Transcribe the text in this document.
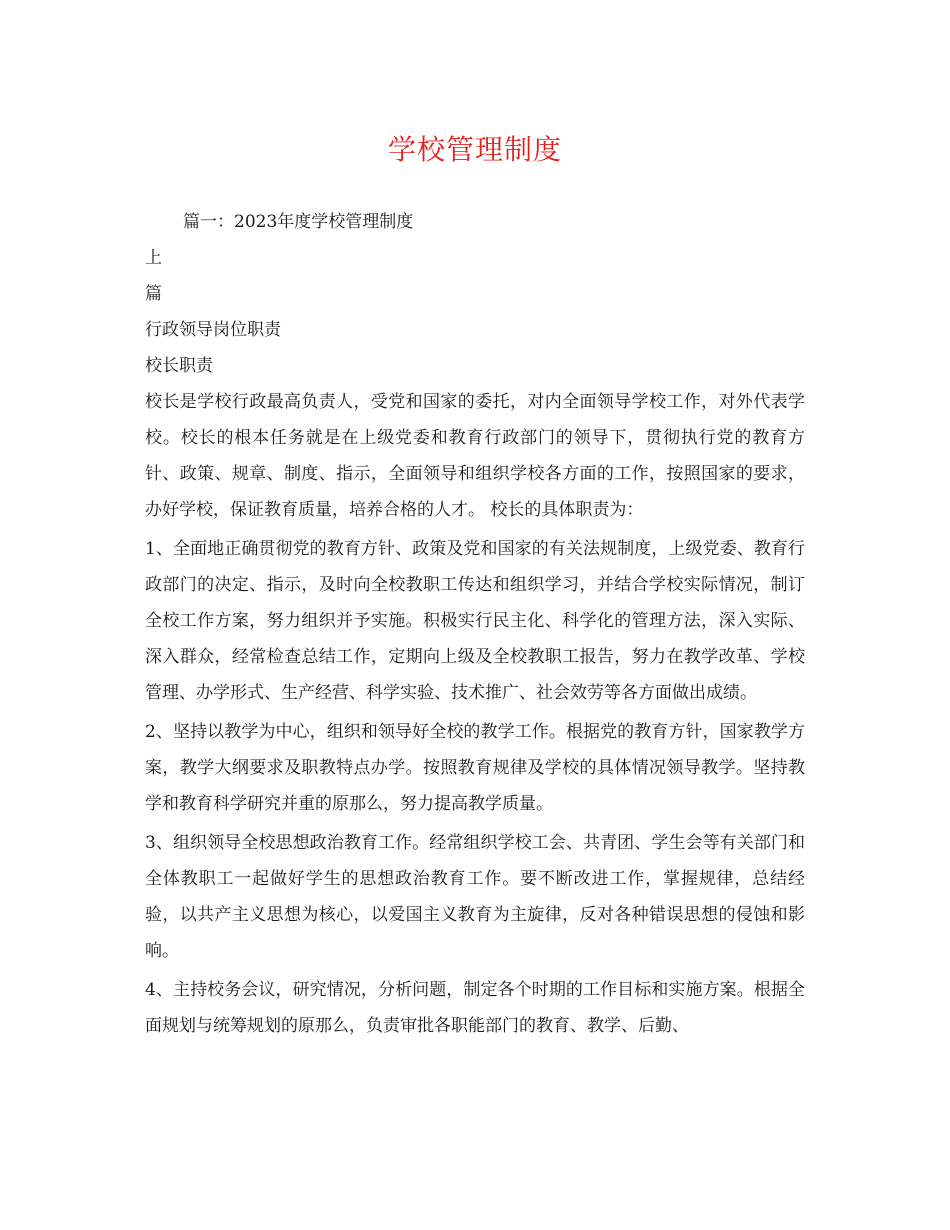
学校管理制度

篇一：2023年度学校管理制度

上

篇

行政领导岗位职责

校长职责

校长是学校行政最高负责人，受党和国家的委托，对内全面领导学校工作，对外代表学校。校长的根本任务就是在上级党委和教育行政部门的领导下，贯彻执行党的教育方针、政策、规章、制度、指示，全面领导和组织学校各方面的工作，按照国家的要求，办好学校，保证教育质量，培养合格的人才。 校长的具体职责为：

1、全面地正确贯彻党的教育方针、政策及党和国家的有关法规制度，上级党委、教育行政部门的决定、指示，及时向全校教职工传达和组织学习，并结合学校实际情况，制订全校工作方案，努力组织并予实施。积极实行民主化、科学化的管理方法，深入实际、深入群众，经常检查总结工作，定期向上级及全校教职工报告，努力在教学改革、学校管理、办学形式、生产经营、科学实验、技术推广、社会效劳等各方面做出成绩。

2、坚持以教学为中心，组织和领导好全校的教学工作。根据党的教育方针，国家教学方案，教学大纲要求及职教特点办学。按照教育规律及学校的具体情况领导教学。坚持教学和教育科学研究并重的原那么，努力提高教学质量。

3、组织领导全校思想政治教育工作。经常组织学校工会、共青团、学生会等有关部门和全体教职工一起做好学生的思想政治教育工作。要不断改进工作，掌握规律，总结经验，以共产主义思想为核心，以爱国主义教育为主旋律，反对各种错误思想的侵蚀和影响。

4、主持校务会议，研究情况，分析问题，制定各个时期的工作目标和实施方案。根据全面规划与统筹规划的原那么，负责审批各职能部门的教育、教学、后勤、
